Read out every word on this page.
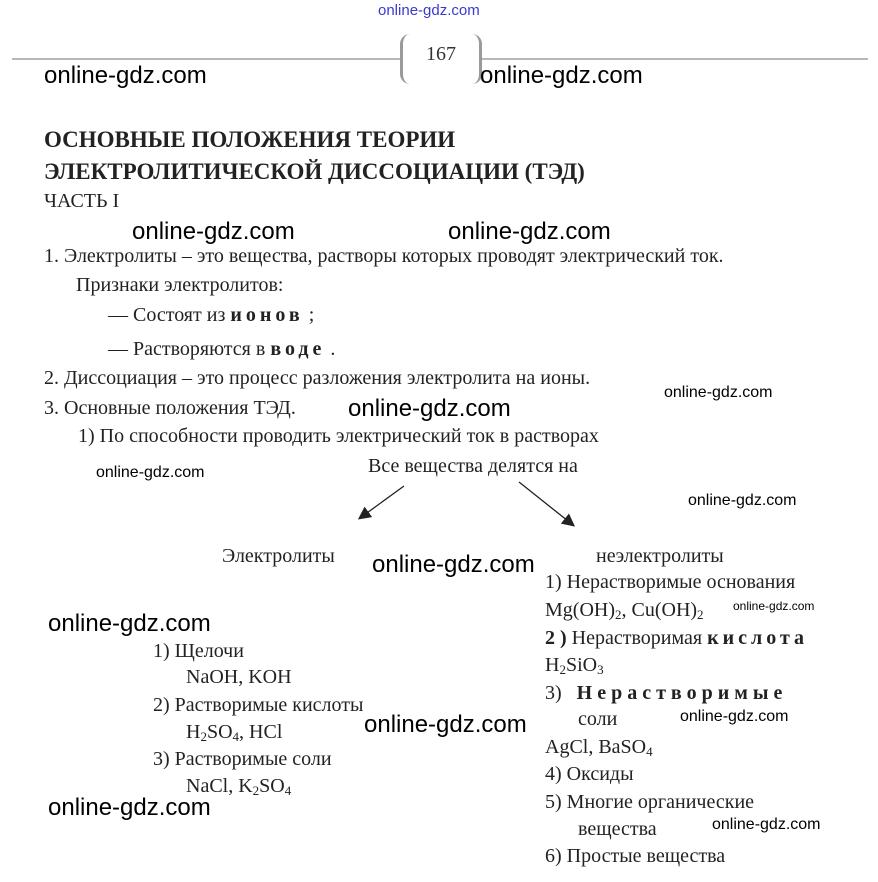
online-gdz.com
167
online-gdz.com	online-gdz.com
ОСНОВНЫЕ ПОЛОЖЕНИЯ ТЕОРИИ
ЭЛЕКТРОЛИТИЧЕСКОЙ ДИССОЦИАЦИИ (ТЭД)
ЧАСТЬ I
1. Электролиты – это вещества, растворы которых проводят электрический ток.
Признаки электролитов:
— Состоят из ионов ;
— Растворяются в воде .
2. Диссоциация – это процесс разложения электролита на ионы.
3. Основные положения ТЭД.
1) По способности проводить электрический ток в растворах
Все вещества делятся на
Электролиты	неэлектролиты
1) Щелочи
NaOH, KOH
2) Растворимые кислоты
$H_2SO_4$, HCl
3) Растворимые соли
NaCl, $K_2SO_4$
1) Нерастворимые основания
$Mg(OH)_2$, $Cu(OH)_2$
2 ) Нерастворимая кислота
$H_2SiO_3$
3) Нерастворимые
соли
AgCl, BaSO$_4$
4) Оксиды
5) Многие органические
вещества
6) Простые вещества
online-gdz.com	online-gdz.com
online-gdz.com
online-gdz.com
online-gdz.com
online-gdz.com
online-gdz.com
online-gdz.com
online-gdz.com
online-gdz.com
online-gdz.com
online-gdz.com
online-gdz.com
